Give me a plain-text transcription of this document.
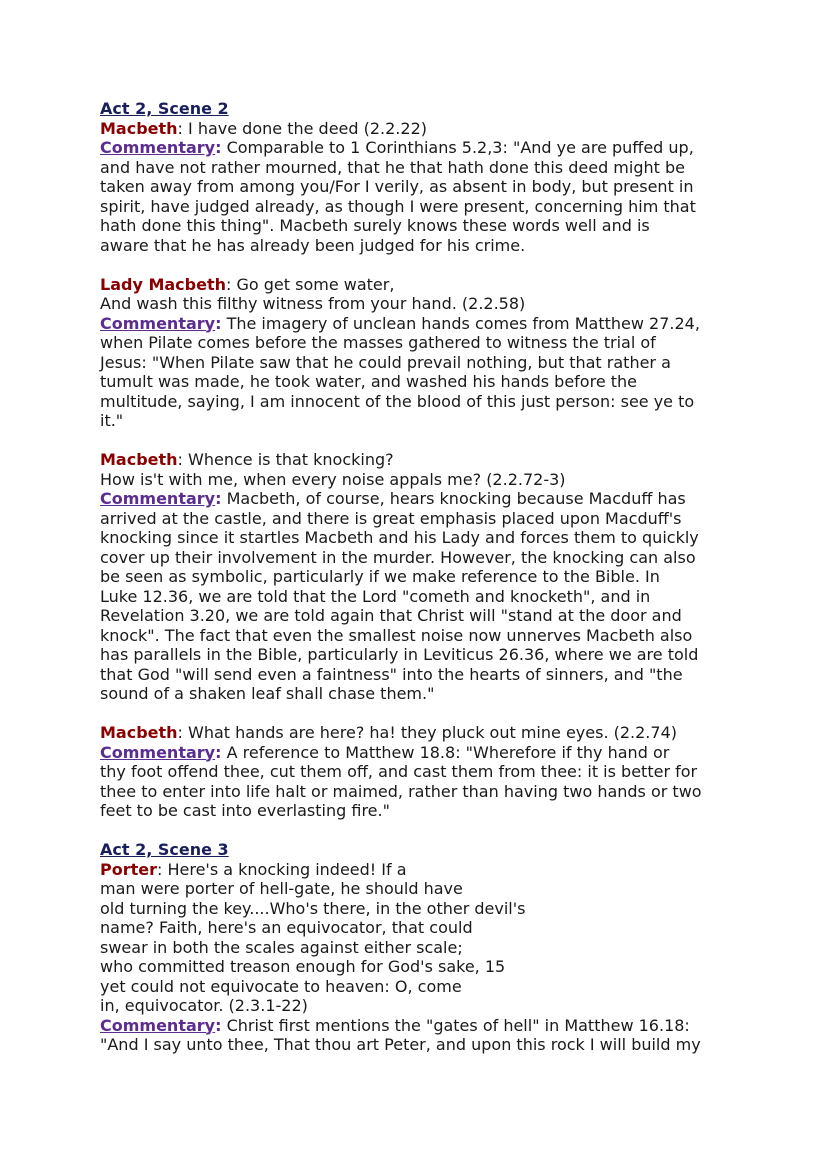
Act 2, Scene 2
Macbeth: I have done the deed (2.2.22)
Commentary: Comparable to 1 Corinthians 5.2,3: "And ye are puffed up,
and have not rather mourned, that he that hath done this deed might be
taken away from among you/For I verily, as absent in body, but present in
spirit, have judged already, as though I were present, concerning him that
hath done this thing". Macbeth surely knows these words well and is
aware that he has already been judged for his crime.
Lady Macbeth: Go get some water,
And wash this filthy witness from your hand. (2.2.58)
Commentary: The imagery of unclean hands comes from Matthew 27.24,
when Pilate comes before the masses gathered to witness the trial of
Jesus: "When Pilate saw that he could prevail nothing, but that rather a
tumult was made, he took water, and washed his hands before the
multitude, saying, I am innocent of the blood of this just person: see ye to
it."
Macbeth: Whence is that knocking?
How is't with me, when every noise appals me? (2.2.72-3)
Commentary: Macbeth, of course, hears knocking because Macduff has
arrived at the castle, and there is great emphasis placed upon Macduff's
knocking since it startles Macbeth and his Lady and forces them to quickly
cover up their involvement in the murder. However, the knocking can also
be seen as symbolic, particularly if we make reference to the Bible. In
Luke 12.36, we are told that the Lord "cometh and knocketh", and in
Revelation 3.20, we are told again that Christ will "stand at the door and
knock". The fact that even the smallest noise now unnerves Macbeth also
has parallels in the Bible, particularly in Leviticus 26.36, where we are told
that God "will send even a faintness" into the hearts of sinners, and "the
sound of a shaken leaf shall chase them."
Macbeth: What hands are here? ha! they pluck out mine eyes. (2.2.74)
Commentary: A reference to Matthew 18.8: "Wherefore if thy hand or
thy foot offend thee, cut them off, and cast them from thee: it is better for
thee to enter into life halt or maimed, rather than having two hands or two
feet to be cast into everlasting fire."
Act 2, Scene 3
Porter: Here's a knocking indeed! If a
man were porter of hell-gate, he should have
old turning the key....Who's there, in the other devil's
name? Faith, here's an equivocator, that could
swear in both the scales against either scale;
who committed treason enough for God's sake, 15
yet could not equivocate to heaven: O, come
in, equivocator. (2.3.1-22)
Commentary: Christ first mentions the "gates of hell" in Matthew 16.18:
"And I say unto thee, That thou art Peter, and upon this rock I will build my
